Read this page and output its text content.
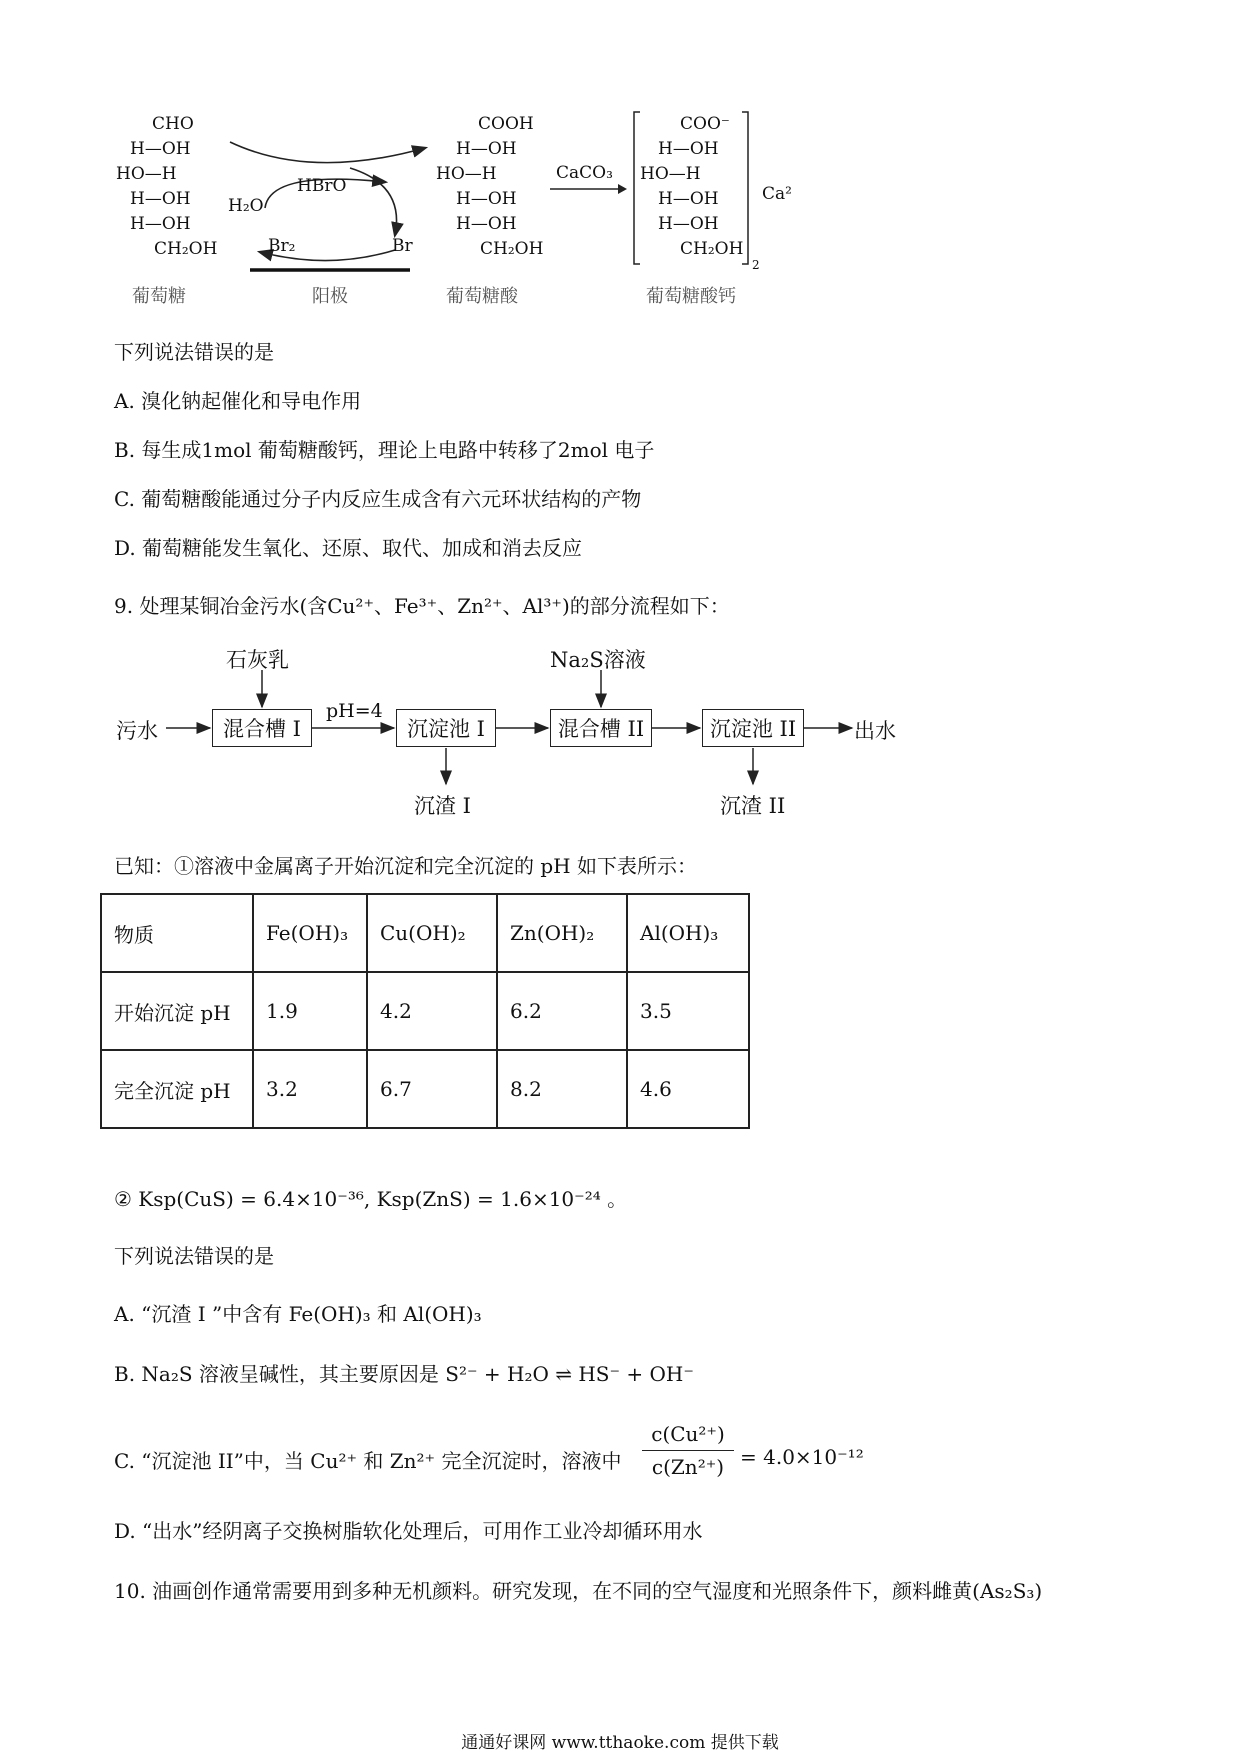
CHO
H—OH
HO—H
H—OH
H—OH
CH₂OH
葡萄糖
HBrO
H₂O
Br₂	Br
阳极
COOH
H—OH
HO—H
H—OH
H—OH
CH₂OH
葡萄糖酸
CaCO₃
COO⁻
H—OH
HO—H
H—OH
H—OH
CH₂OH
Ca²
2
葡萄糖酸钙
下列说法错误的是
A. 溴化钠起催化和导电作用
B. 每生成1mol 葡萄糖酸钙，理论上电路中转移了2mol 电子
C. 葡萄糖酸能通过分子内反应生成含有六元环状结构的产物
D. 葡萄糖能发生氧化、还原、取代、加成和消去反应
9. 处理某铜冶金污水(含Cu²⁺、Fe³⁺、Zn²⁺、Al³⁺)的部分流程如下：
石灰乳	Na₂S溶液
污水	混合槽 I
pH=4
沉淀池 I	混合槽 II	沉淀池 II	出水
沉渣 I	沉渣 II
已知：①溶液中金属离子开始沉淀和完全沉淀的 pH 如下表所示：
物质	Fe(OH)₃	Cu(OH)₂	Zn(OH)₂	Al(OH)₃
开始沉淀 pH	1.9	4.2	6.2	3.5
完全沉淀 pH	3.2	6.7	8.2	4.6
② Ksp(CuS) = 6.4×10⁻³⁶, Ksp(ZnS) = 1.6×10⁻²⁴ 。
下列说法错误的是
A. “沉渣 I ”中含有 Fe(OH)₃ 和 Al(OH)₃
B. Na₂S 溶液呈碱性，其主要原因是 S²⁻ + H₂O ⇌ HS⁻ + OH⁻
C. “沉淀池 II”中，当 Cu²⁺ 和 Zn²⁺ 完全沉淀时，溶液中
c(Cu²⁺)
c(Zn²⁺) = 4.0×10⁻¹²
D. “出水”经阴离子交换树脂软化处理后，可用作工业冷却循环用水
10. 油画创作通常需要用到多种无机颜料。研究发现，在不同的空气湿度和光照条件下，颜料雌黄(As₂S₃)
通通好课网 www.tthaoke.com 提供下载
